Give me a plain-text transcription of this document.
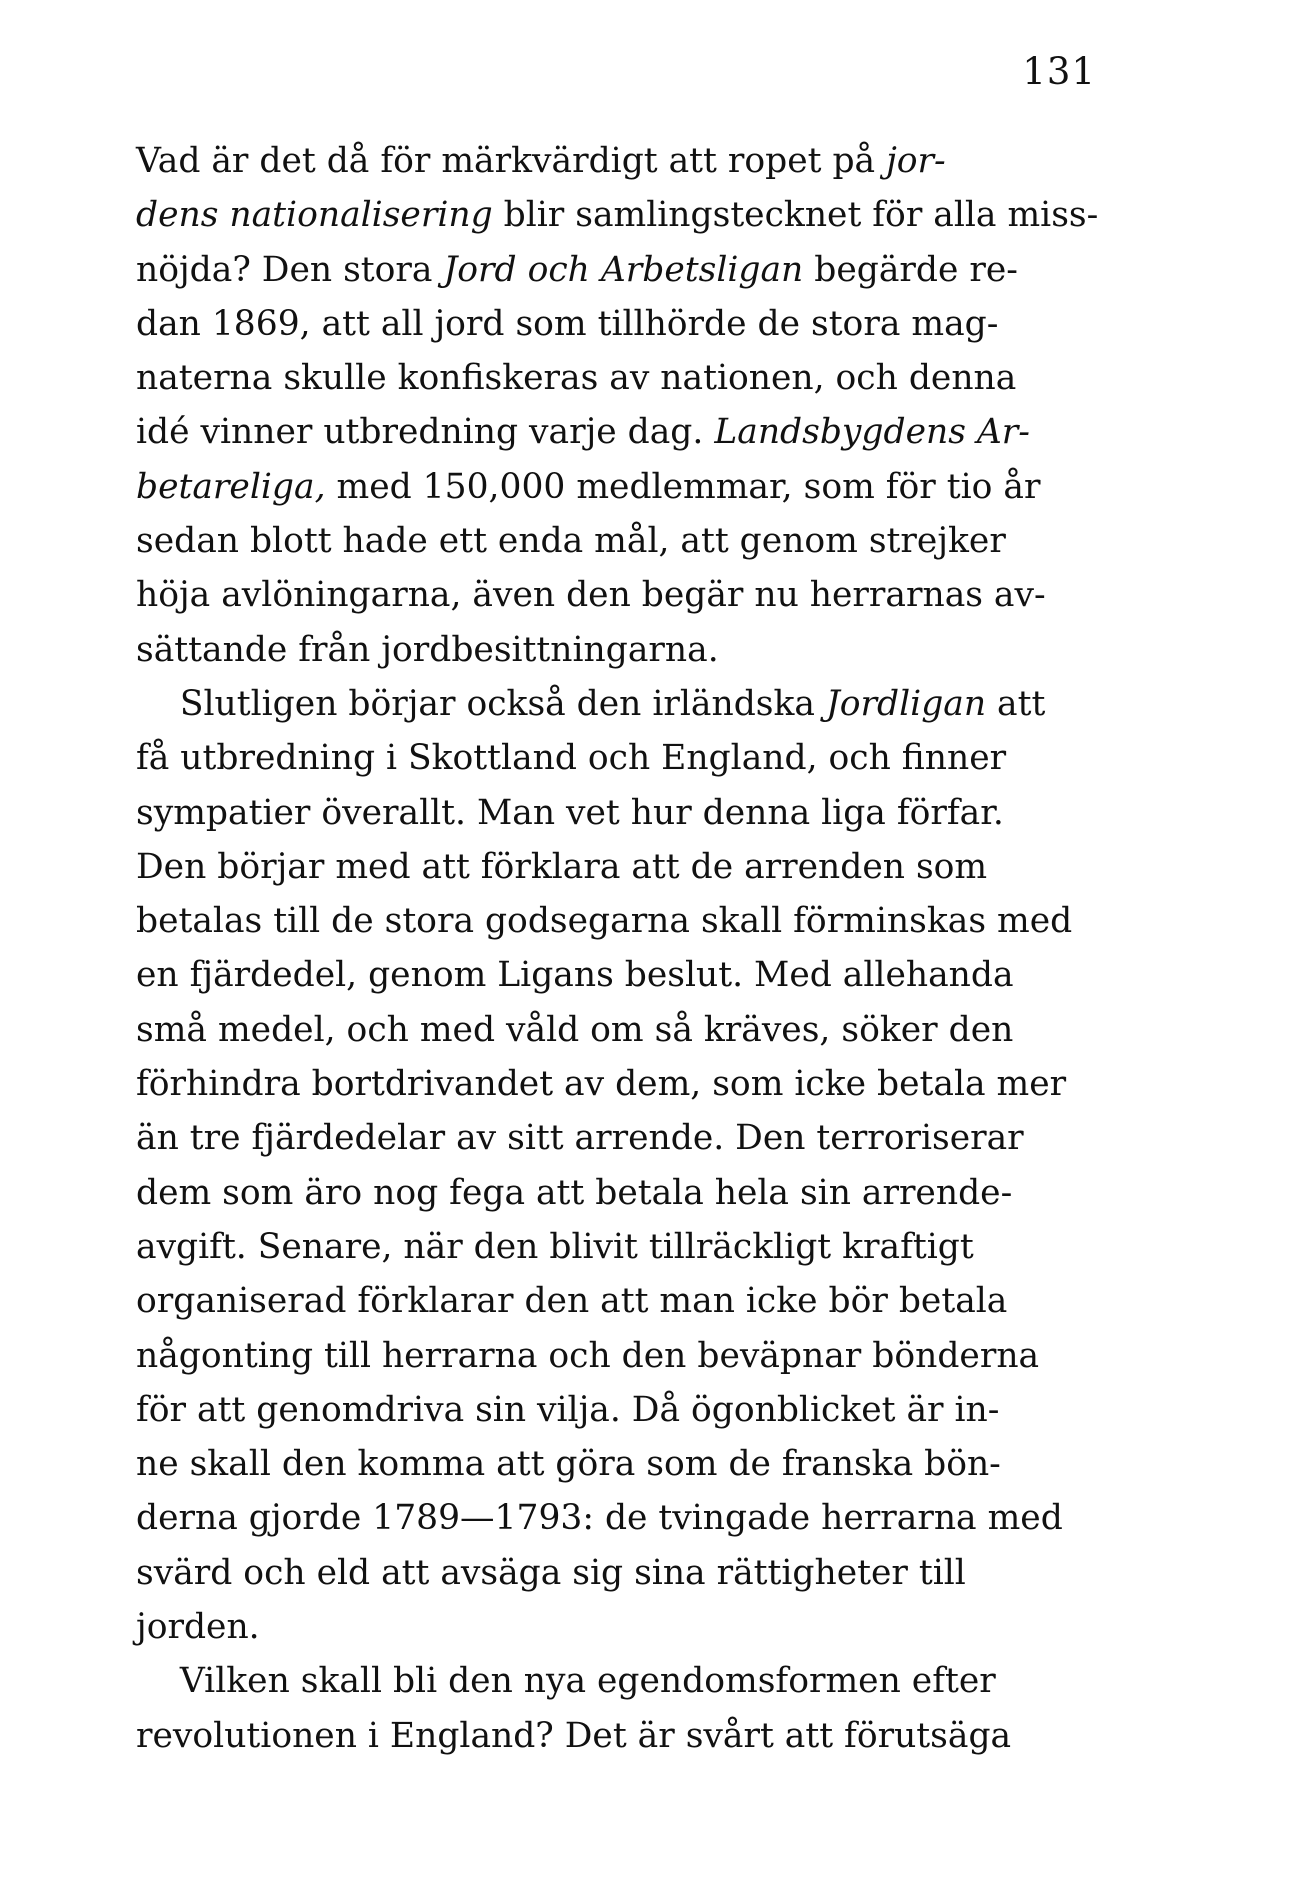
131
Vad är det då för märkvärdigt att ropet på jor-
dens nationalisering blir samlingstecknet för alla miss-
nöjda? Den stora Jord och Arbetsligan begärde re-
dan 1869, att all jord som tillhörde de stora mag-
naterna skulle konfiskeras av nationen, och denna
idé vinner utbredning varje dag. Landsbygdens Ar-
betareliga, med 150,000 medlemmar, som för tio år
sedan blott hade ett enda mål, att genom strejker
höja avlöningarna, även den begär nu herrarnas av-
sättande från jordbesittningarna.
Slutligen börjar också den irländska Jordligan att
få utbredning i Skottland och England, och finner
sympatier överallt. Man vet hur denna liga förfar.
Den börjar med att förklara att de arrenden som
betalas till de stora godsegarna skall förminskas med
en fjärdedel, genom Ligans beslut. Med allehanda
små medel, och med våld om så kräves, söker den
förhindra bortdrivandet av dem, som icke betala mer
än tre fjärdedelar av sitt arrende. Den terroriserar
dem som äro nog fega att betala hela sin arrende-
avgift. Senare, när den blivit tillräckligt kraftigt
organiserad förklarar den att man icke bör betala
någonting till herrarna och den beväpnar bönderna
för att genomdriva sin vilja. Då ögonblicket är in-
ne skall den komma att göra som de franska bön-
derna gjorde 1789—1793: de tvingade herrarna med
svärd och eld att avsäga sig sina rättigheter till
jorden.
Vilken skall bli den nya egendomsformen efter
revolutionen i England? Det är svårt att förutsäga
